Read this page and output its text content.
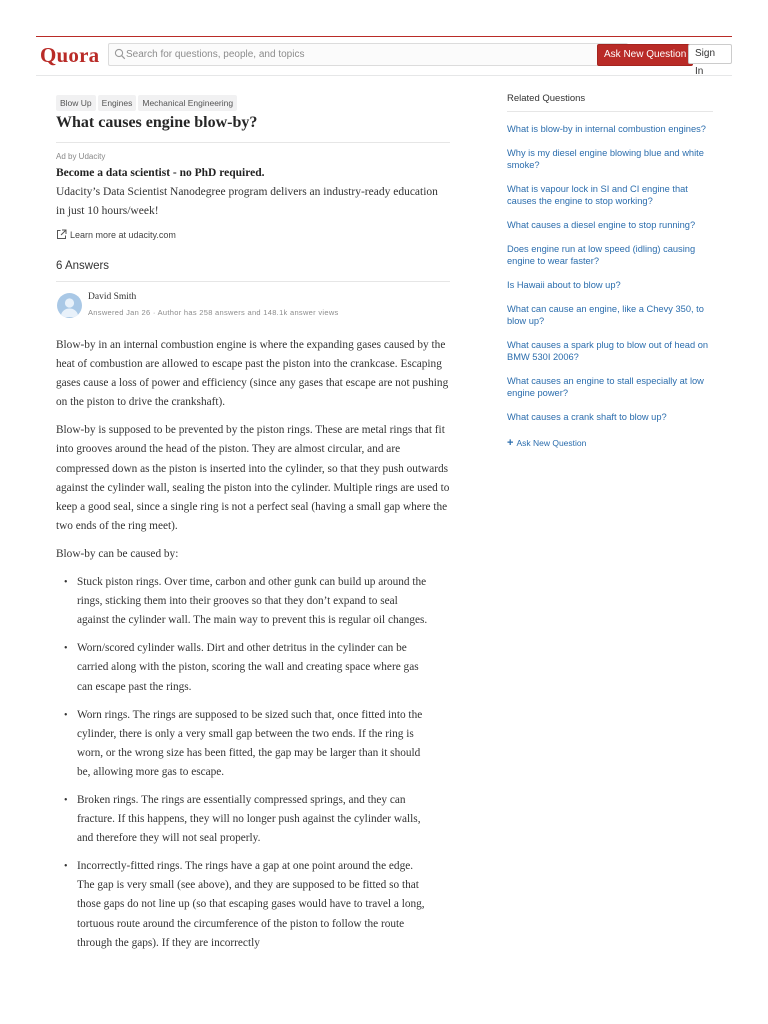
Quora
Search for questions, people, and topics	Ask New Question Sign In
Blow Up Engines Mechanical Engineering
What causes engine blow-by?
Ad by Udacity
Become a data scientist - no PhD required.
Udacity’s Data Scientist Nanodegree program delivers an industry-ready education in just 10 hours/week!
Learn more at udacity.com
6 Answers
David Smith
Answered Jan 26 · Author has 258 answers and 148.1k answer views

Blow-by in an internal combustion engine is where the expanding gases caused by the heat of combustion are allowed to escape past the piston into the crankcase. Escaping gases cause a loss of power and efficiency (since any gases that escape are not pushing on the piston to drive the crankshaft).

Blow-by is supposed to be prevented by the piston rings. These are metal rings that fit into grooves around the head of the piston. They are almost circular, and are compressed down as the piston is inserted into the cylinder, so that they push outwards against the cylinder wall, sealing the piston into the cylinder. Multiple rings are used to keep a good seal, since a single ring is not a perfect seal (having a small gap where the two ends of the ring meet).

Blow-by can be caused by:

• Stuck piston rings. Over time, carbon and other gunk can build up around the rings, sticking them into their grooves so that they don’t expand to seal against the cylinder wall. The main way to prevent this is regular oil changes.
• Worn/scored cylinder walls. Dirt and other detritus in the cylinder can be carried along with the piston, scoring the wall and creating space where gas can escape past the rings.
• Worn rings. The rings are supposed to be sized such that, once fitted into the cylinder, there is only a very small gap between the two ends. If the ring is worn, or the wrong size has been fitted, the gap may be larger than it should be, allowing more gas to escape.
• Broken rings. The rings are essentially compressed springs, and they can fracture. If this happens, they will no longer push against the cylinder walls, and therefore they will not seal properly.
• Incorrectly-fitted rings. The rings have a gap at one point around the edge. The gap is very small (see above), and they are supposed to be fitted so that those gaps do not line up (so that escaping gases would have to travel a long, tortuous route around the circumference of the piston to follow the route through the gaps). If they are incorrectly
Related Questions
What is blow-by in internal combustion engines?
Why is my diesel engine blowing blue and white smoke?
What is vapour lock in SI and CI engine that causes the engine to stop working?
What causes a diesel engine to stop running?
Does engine run at low speed (idling) causing engine to wear faster?
Is Hawaii about to blow up?
What can cause an engine, like a Chevy 350, to blow up?
What causes a spark plug to blow out of head on BMW 530I 2006?
What causes an engine to stall especially at low engine power?
What causes a crank shaft to blow up?
+ Ask New Question
